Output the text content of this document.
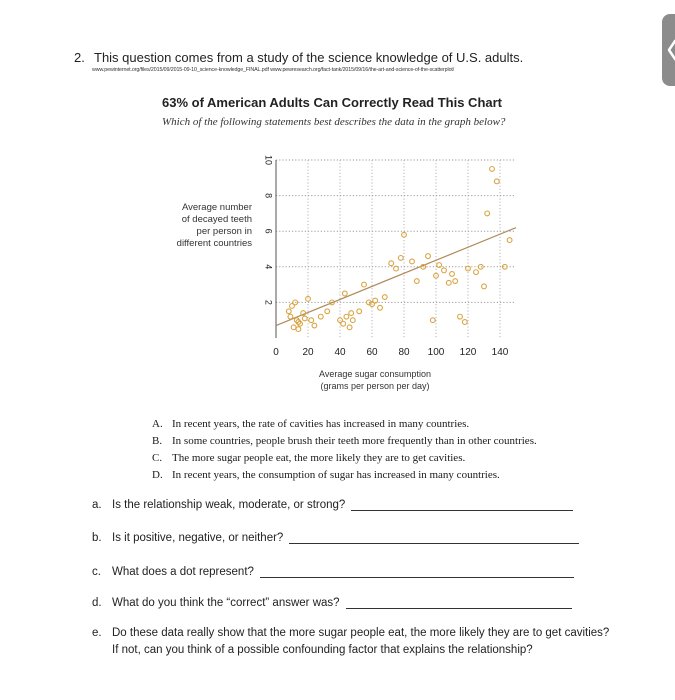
2. This question comes from a study of the science knowledge of U.S. adults.
www.pewinternet.org/files/2015/09/2015-09-10_science-knowledge_FINAL.pdf www.pewresearch.org/fact-tank/2015/09/16/the-art-and-science-of-the-scatterplot/
63% of American Adults Can Correctly Read This Chart
Which of the following statements best describes the data in the graph below?
Average number
of decayed teeth
per person in
different countries
0 20 40 60 80 100 120 140
2
4
6
8
10
Average sugar consumption
(grams per person per day)
A. In recent years, the rate of cavities has increased in many countries.
B. In some countries, people brush their teeth more frequently than in other countries.
C. The more sugar people eat, the more likely they are to get cavities.
D. In recent years, the consumption of sugar has increased in many countries.
a. Is the relationship weak, moderate, or strong?
b. Is it positive, negative, or neither?
c. What does a dot represent?
d. What do you think the “correct” answer was?
e. Do these data really show that the more sugar people eat, the more likely they are to get cavities? If not, can you think of a possible confounding factor that explains the relationship?
